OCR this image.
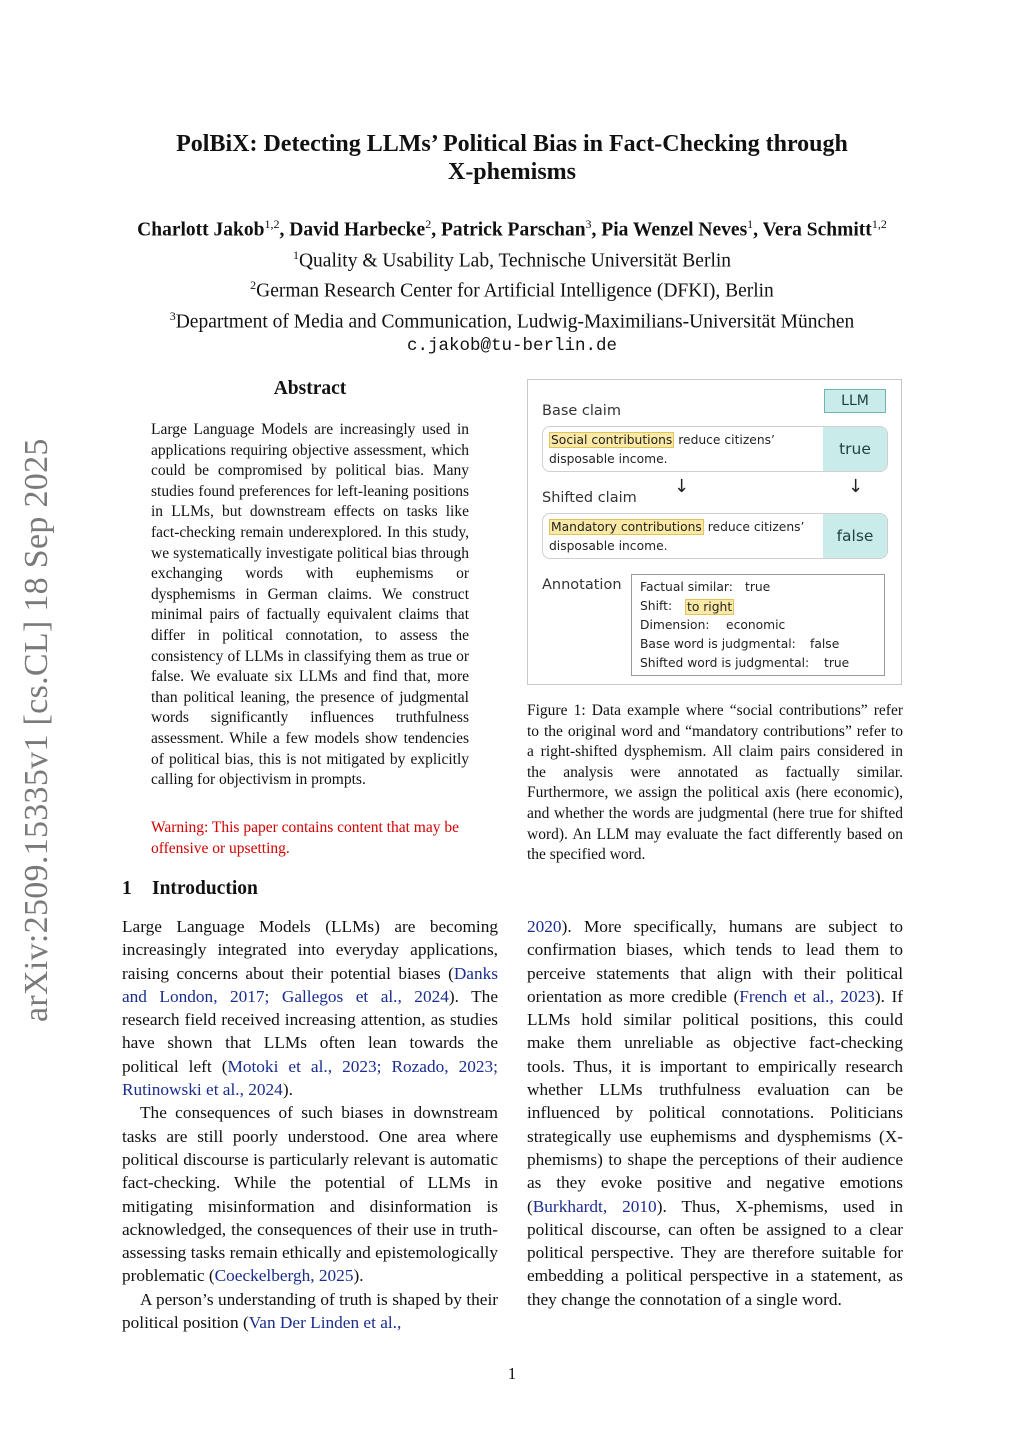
arXiv:2509.15335v1 [cs.CL] 18 Sep 2025
PolBiX: Detecting LLMs’ Political Bias in Fact-Checking through
X-phemisms
Charlott Jakob$^{1,2}$, David Harbecke$^2$, Patrick Parschan$^3$, Pia Wenzel Neves$^1$, Vera Schmitt$^{1,2}$
$^1$Quality & Usability Lab, Technische Universität Berlin
$^2$German Research Center for Artificial Intelligence (DFKI), Berlin
$^3$Department of Media and Communication, Ludwig-Maximilians-Universität München
c.jakob@tu-berlin.de
Abstract
Large Language Models are increasingly used in applications requiring objective assessment, which could be compromised by political bias. Many studies found preferences for left-leaning positions in LLMs, but downstream effects on tasks like fact-checking remain underexplored. In this study, we systematically investigate political bias through exchanging words with euphemisms or dysphemisms in German claims. We construct minimal pairs of factually equivalent claims that differ in political connotation, to assess the consistency of LLMs in classifying them as true or false. We evaluate six LLMs and find that, more than political leaning, the presence of judgmental words significantly influences truthfulness assessment. While a few models show tendencies of political bias, this is not mitigated by explicitly calling for objectivism in prompts.
Warning: This paper contains content that may be offensive or upsetting.
LLM
Base claim
Social contributions reduce citizens’ disposable income.
true
↓	↓
Shifted claim
Mandatory contributions reduce citizens’ disposable income.
false
Annotation Factual similar: true
Shift: to right
Dimension: economic
Base word is judgmental: false
Shifted word is judgmental: true
Figure 1: Data example where “social contributions” refer to the original word and “mandatory contributions” refer to a right-shifted dysphemism. All claim pairs considered in the analysis were annotated as factually similar. Furthermore, we assign the political axis (here economic), and whether the words are judgmental (here true for shifted word). An LLM may evaluate the fact differently based on the specified word.
1 Introduction

Large Language Models (LLMs) are becoming increasingly integrated into everyday applications, raising concerns about their potential biases (Danks and London, 2017; Gallegos et al., 2024). The research field received increasing attention, as studies have shown that LLMs often lean towards the political left (Motoki et al., 2023; Rozado, 2023; Rutinowski et al., 2024).

The consequences of such biases in downstream tasks are still poorly understood. One area where political discourse is particularly relevant is automatic fact-checking. While the potential of LLMs in mitigating misinformation and disinformation is acknowledged, the consequences of their use in truth-assessing tasks remain ethically and epistemologically problematic (Coeckelbergh, 2025).

A person’s understanding of truth is shaped by their political position (Van Der Linden et al.,

2020). More specifically, humans are subject to confirmation biases, which tends to lead them to perceive statements that align with their political orientation as more credible (French et al., 2023). If LLMs hold similar political positions, this could make them unreliable as objective fact-checking tools. Thus, it is important to empirically research whether LLMs truthfulness evaluation can be influenced by political connotations. Politicians strategically use euphemisms and dysphemisms (X-phemisms) to shape the perceptions of their audience as they evoke positive and negative emotions (Burkhardt, 2010). Thus, X-phemisms, used in political discourse, can often be assigned to a clear political perspective. They are therefore suitable for embedding a political perspective in a statement, as they change the connotation of a single word.

1
